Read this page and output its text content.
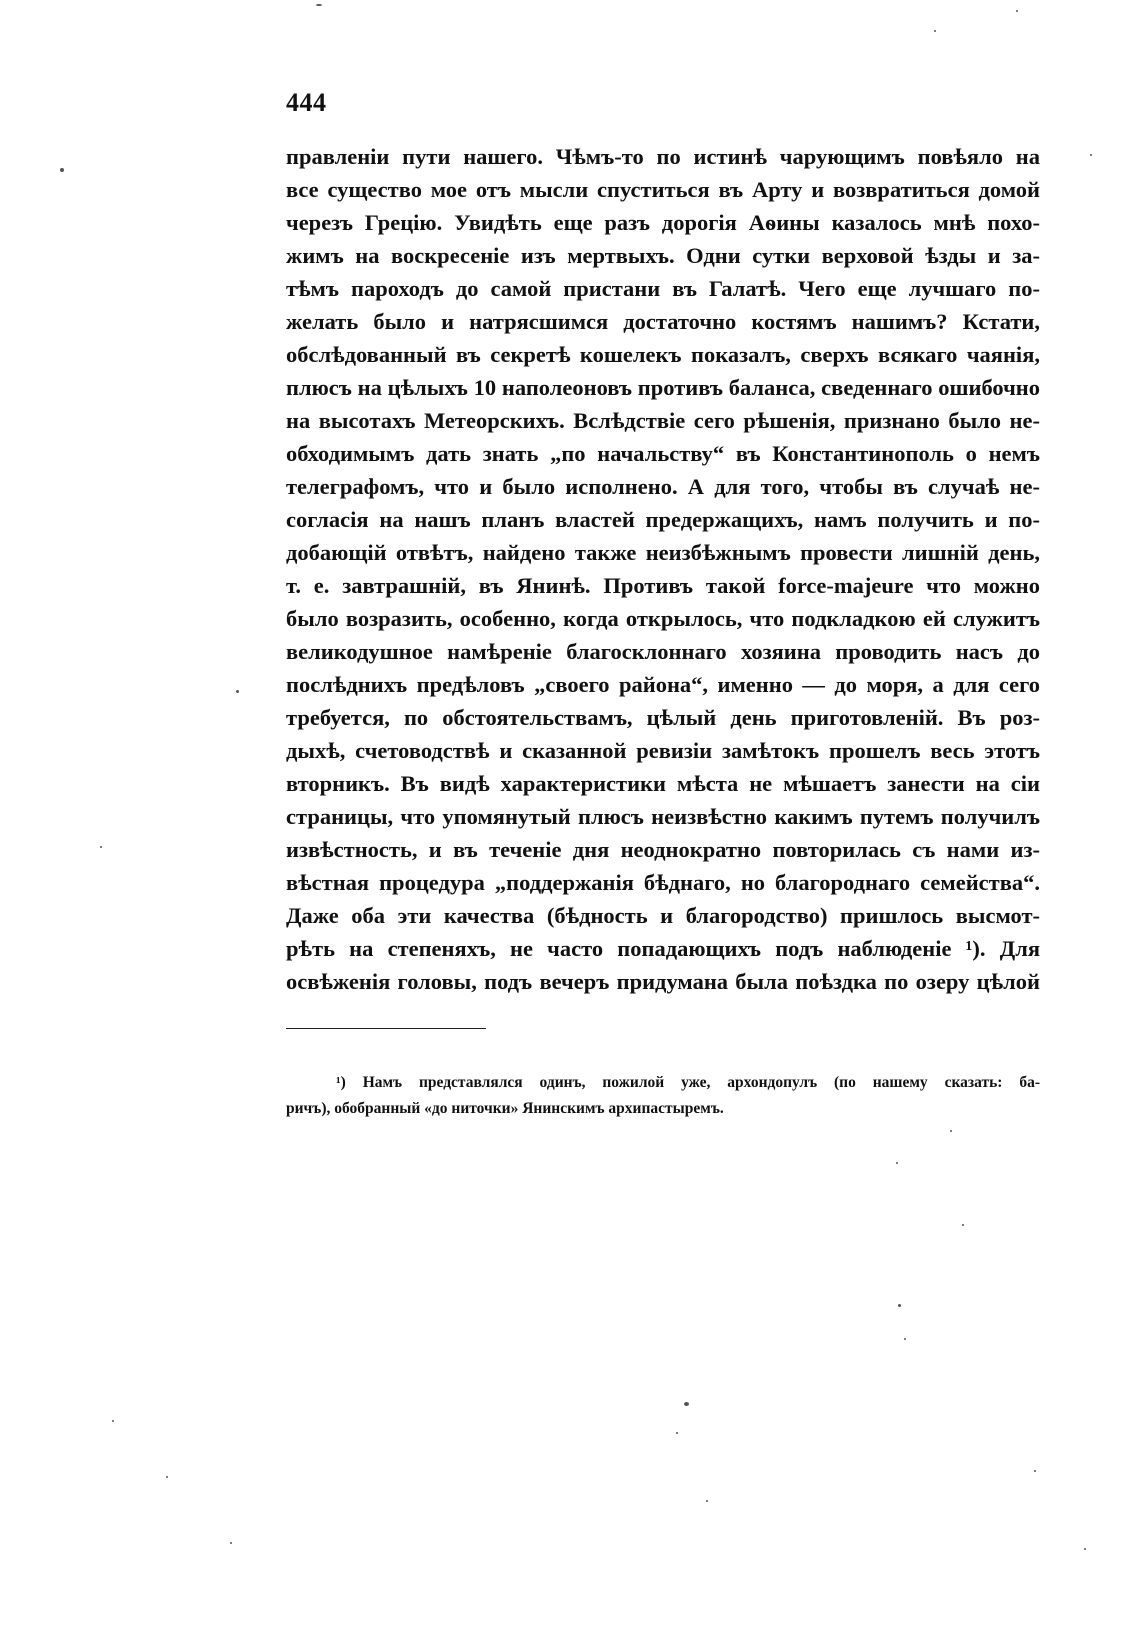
444
правленіи пути нашего. Чѣмъ-то по истинѣ чарующимъ повѣяло на
все существо мое отъ мысли спуститься въ Арту и возвратиться домой
черезъ Грецію. Увидѣть еще разъ дорогія Аѳины казалось мнѣ похо-
жимъ на воскресеніе изъ мертвыхъ. Одни сутки верховой ѣзды и за-
тѣмъ пароходъ до самой пристани въ Галатѣ. Чего еще лучшаго по-
желать было и натрясшимся достаточно костямъ нашимъ? Кстати,
обслѣдованный въ секретѣ кошелекъ показалъ, сверхъ всякаго чаянія,
плюсъ на цѣлыхъ 10 наполеоновъ противъ баланса, сведеннаго ошибочно
на высотахъ Метеорскихъ. Вслѣдствіе сего рѣшенія, признано было не-
обходимымъ дать знать „по начальству“ въ Константинополь о немъ
телеграфомъ, что и было исполнено. А для того, чтобы въ случаѣ не-
согласія на нашъ планъ властей предержащихъ, намъ получить и по-
добающій отвѣтъ, найдено также неизбѣжнымъ провести лишній день,
т. е. завтрашній, въ Янинѣ. Противъ такой force-majeure что можно
было возразить, особенно, когда открылось, что подкладкою ей служитъ
великодушное намѣреніе благосклоннаго хозяина проводить насъ до
послѣднихъ предѣловъ „своего района“, именно — до моря, а для сего
требуется, по обстоятельствамъ, цѣлый день приготовленій. Въ роз-
дыхѣ, счетоводствѣ и сказанной ревизіи замѣтокъ прошелъ весь этотъ
вторникъ. Въ видѣ характеристики мѣста не мѣшаетъ занести на сіи
страницы, что упомянутый плюсъ неизвѣстно какимъ путемъ получилъ
извѣстность, и въ теченіе дня неоднократно повторилась съ нами из-
вѣстная процедура „поддержанія бѣднаго, но благороднаго семейства“.
Даже оба эти качества (бѣдность и благородство) пришлось высмот-
рѣть на степеняхъ, не часто попадающихъ подъ наблюденіе ¹). Для
освѣженія головы, подъ вечеръ придумана была поѣздка по озеру цѣлой
¹) Намъ представлялся одинъ, пожилой уже, архондопулъ (по нашему сказать: ба-
ричъ), обобранный «до ниточки» Янинскимъ архипастыремъ.
